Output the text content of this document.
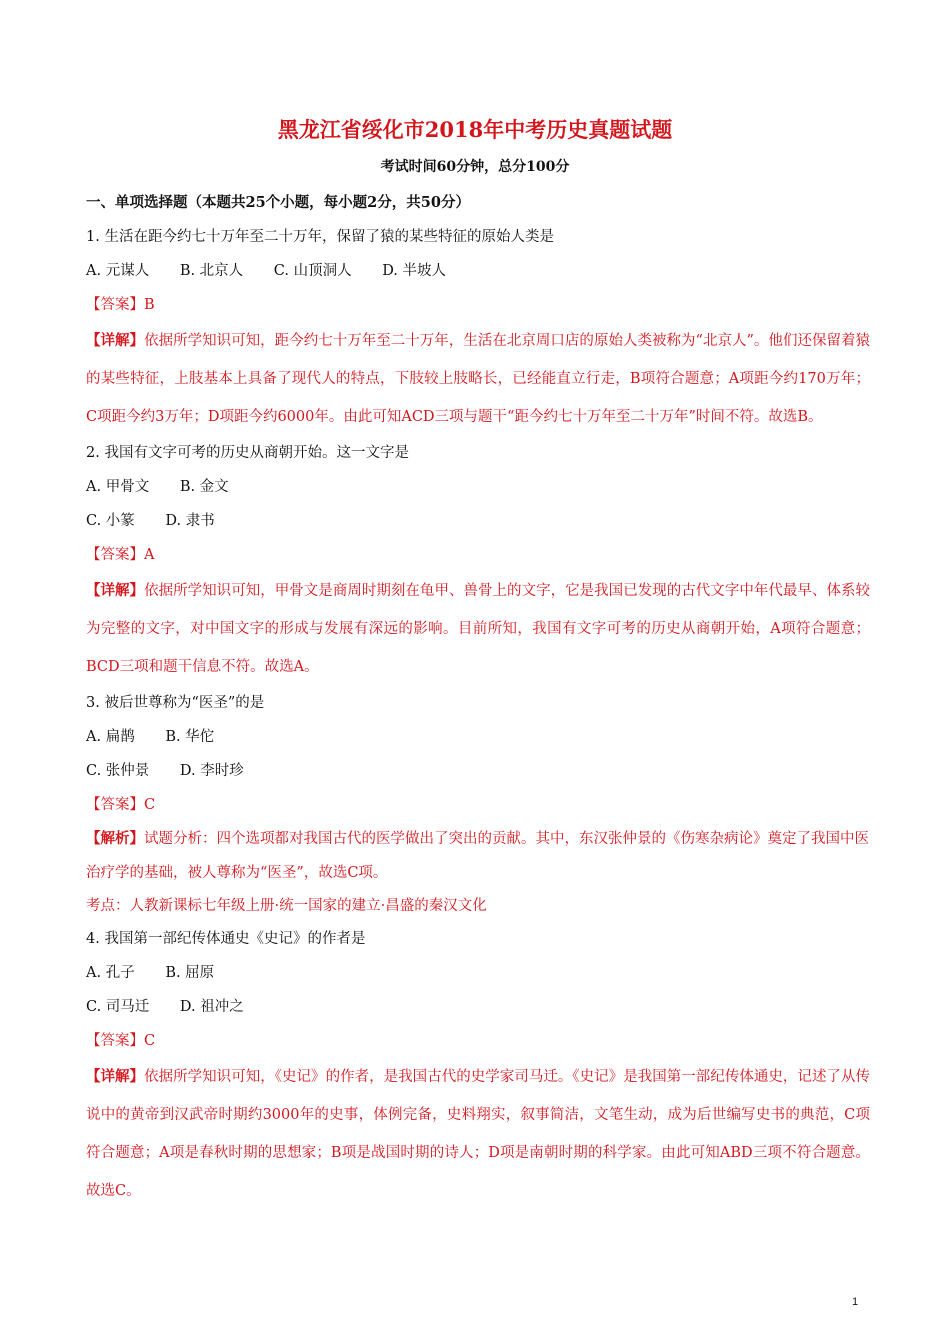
黑龙江省绥化市2018年中考历史真题试题
考试时间60分钟，总分100分
一、单项选择题（本题共25个小题，每小题2分，共50分）
1. 生活在距今约七十万年至二十万年，保留了猿的某些特征的原始人类是
A. 元谋人 B. 北京人 C. 山顶洞人 D. 半坡人
【答案】B

【详解】依据所学知识可知，距今约七十万年至二十万年，生活在北京周口店的原始人类被称为“北京人”。他们还保留着猿的某些特征，上肢基本上具备了现代人的特点，下肢较上肢略长，已经能直立行走，B项符合题意；A项距今约170万年；C项距今约3万年；D项距今约6000年。由此可知ACD三项与题干“距今约七十万年至二十万年”时间不符。故选B。

2. 我国有文字可考的历史从商朝开始。这一文字是
A. 甲骨文 B. 金文
C. 小篆 D. 隶书
【答案】A

【详解】依据所学知识可知，甲骨文是商周时期刻在龟甲、兽骨上的文字，它是我国已发现的古代文字中年代最早、体系较为完整的文字，对中国文字的形成与发展有深远的影响。目前所知，我国有文字可考的历史从商朝开始，A项符合题意；BCD三项和题干信息不符。故选A。

3. 被后世尊称为“医圣”的是
A. 扁鹊 B. 华佗
C. 张仲景 D. 李时珍
【答案】C

【解析】试题分析：四个选项都对我国古代的医学做出了突出的贡献。其中，东汉张仲景的《伤寒杂病论》奠定了我国中医治疗学的基础，被人尊称为“医圣”，故选C项。

考点：人教新课标七年级上册·统一国家的建立·昌盛的秦汉文化
4. 我国第一部纪传体通史《史记》的作者是
A. 孔子 B. 屈原
C. 司马迁 D. 祖冲之
【答案】C

【详解】依据所学知识可知，《史记》的作者，是我国古代的史学家司马迁。《史记》是我国第一部纪传体通史，记述了从传说中的黄帝到汉武帝时期约3000年的史事，体例完备，史料翔实，叙事简洁，文笔生动，成为后世编写史书的典范，C项符合题意；A项是春秋时期的思想家；B项是战国时期的诗人；D项是南朝时期的科学家。由此可知ABD三项不符合题意。故选C。

1
